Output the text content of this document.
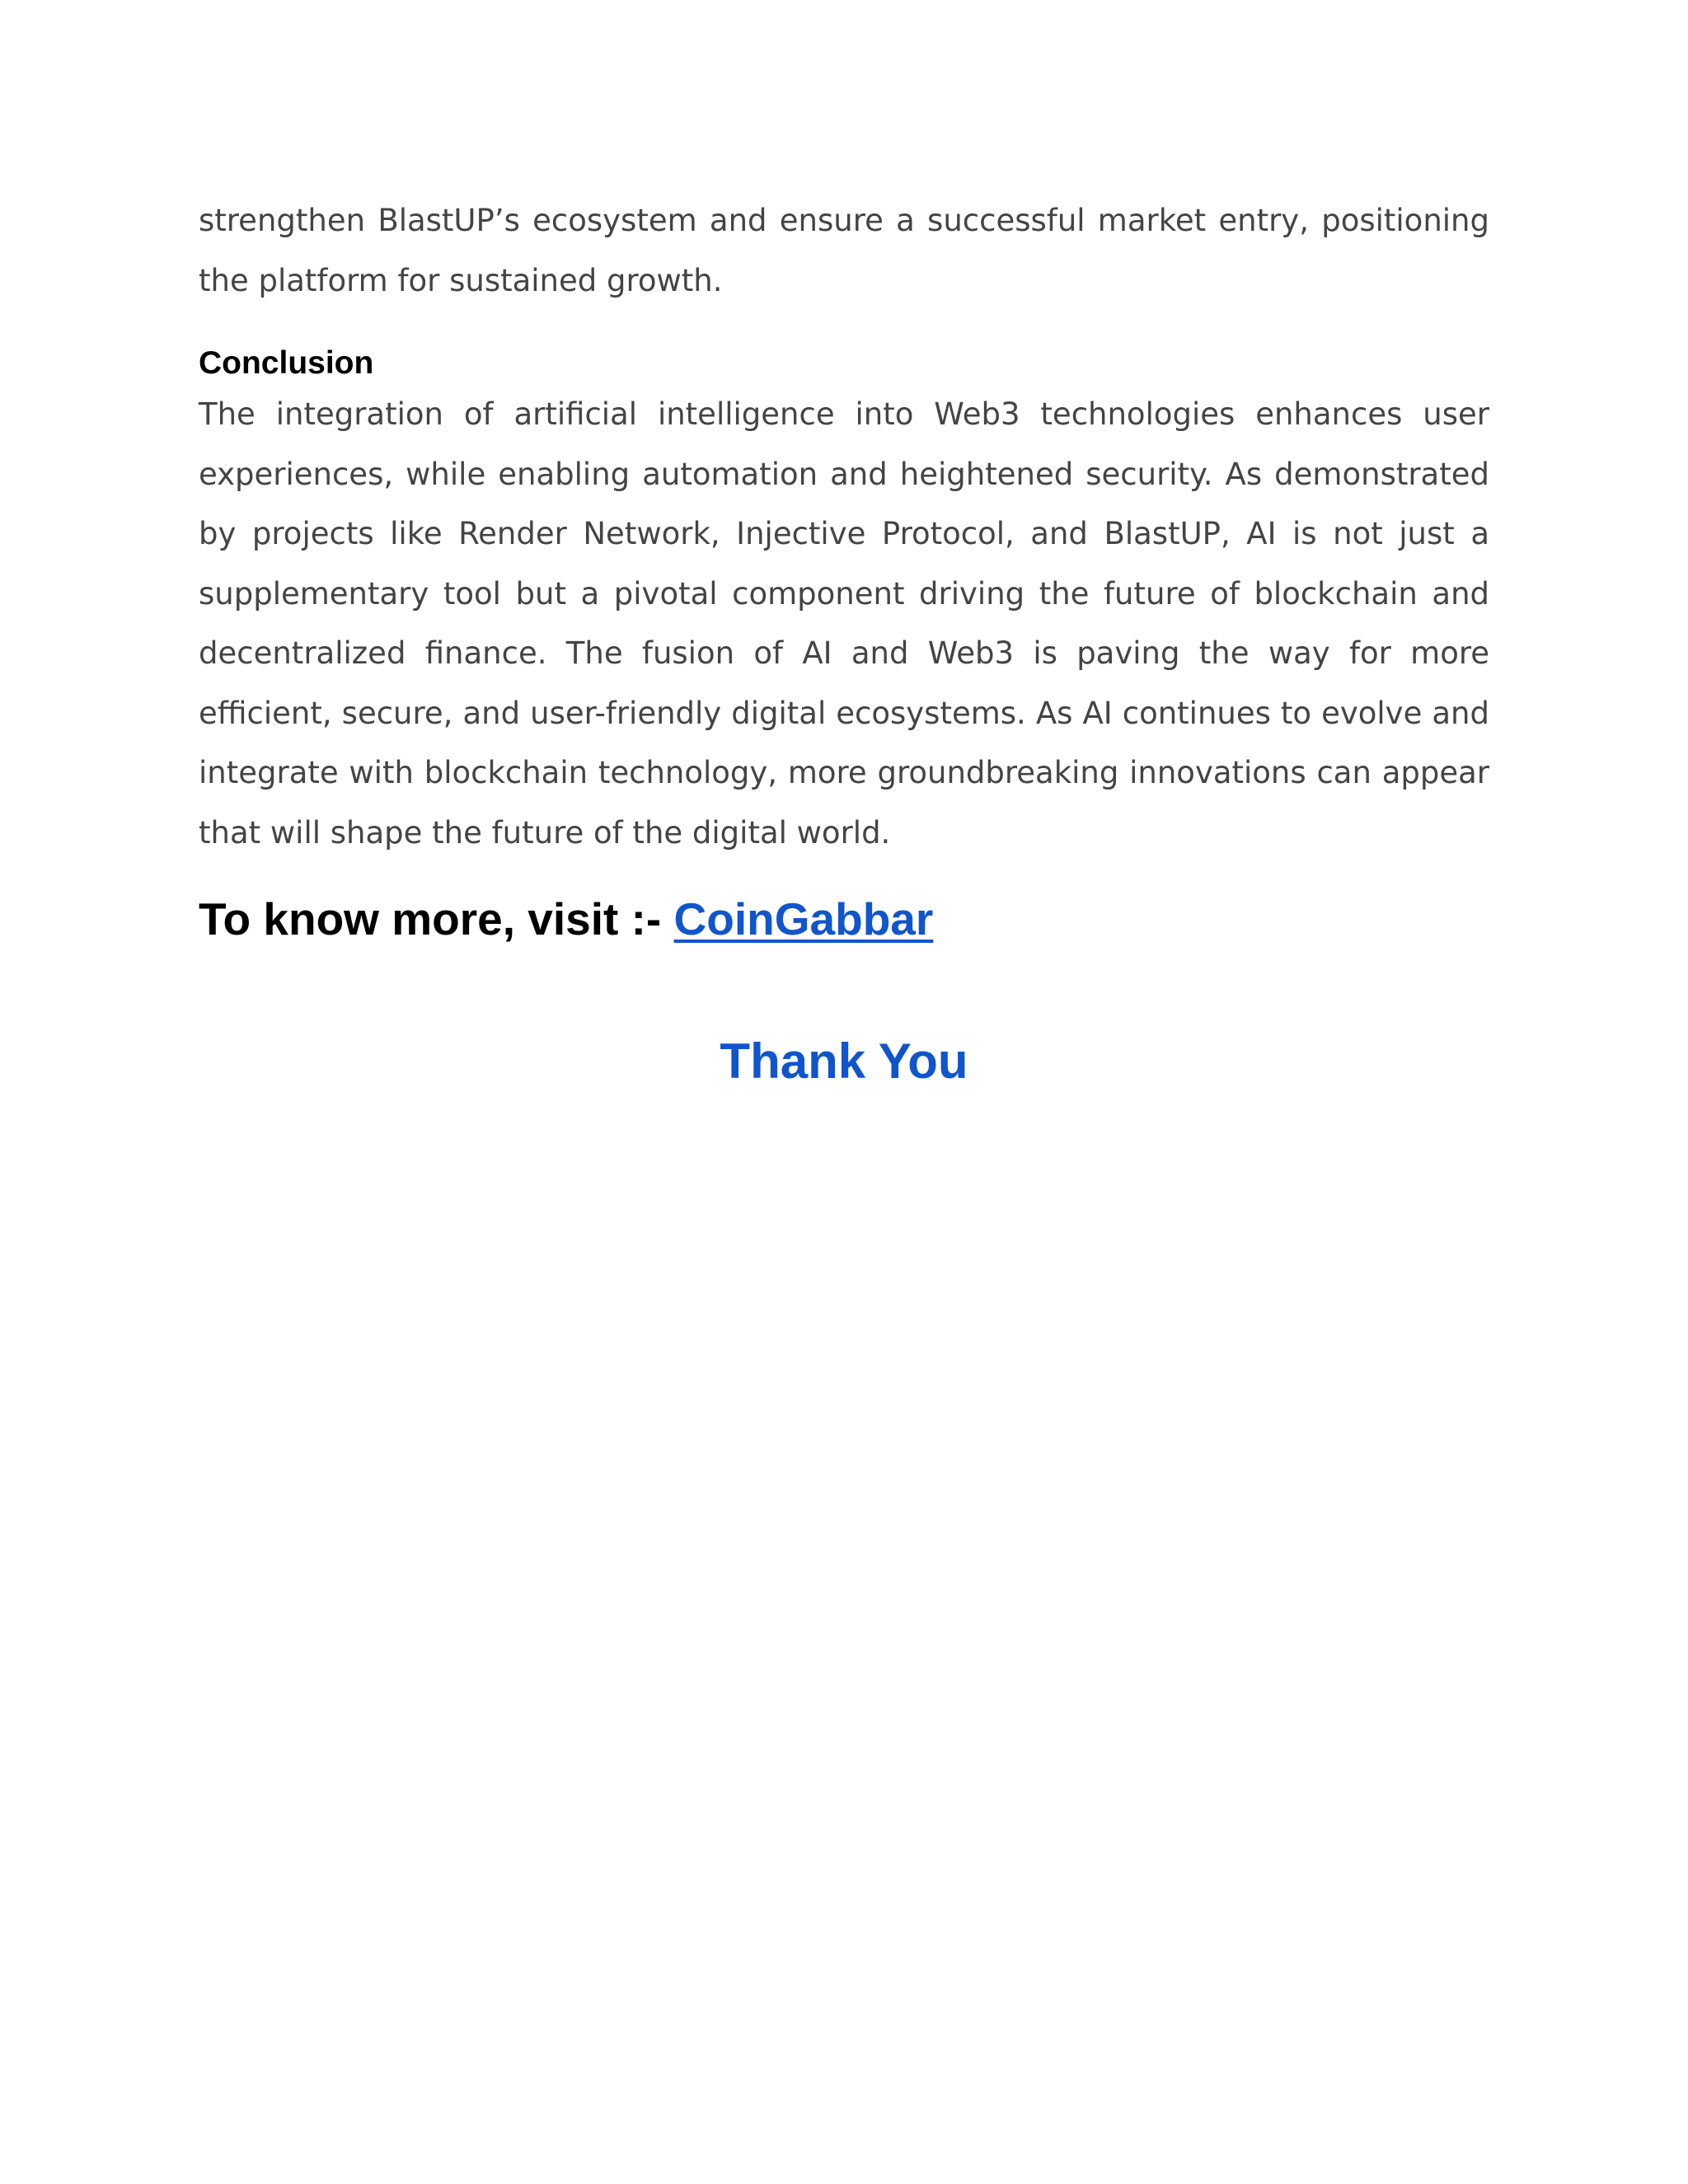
strengthen BlastUP’s ecosystem and ensure a successful market entry, positioning the platform for sustained growth.

Conclusion

The integration of artificial intelligence into Web3 technologies enhances user experiences, while enabling automation and heightened security. As demonstrated by projects like Render Network, Injective Protocol, and BlastUP, AI is not just a supplementary tool but a pivotal component driving the future of blockchain and decentralized finance. The fusion of AI and Web3 is paving the way for more efficient, secure, and user-friendly digital ecosystems. As AI continues to evolve and integrate with blockchain technology, more groundbreaking innovations can appear that will shape the future of the digital world.

To know more, visit :- CoinGabbar

Thank You
